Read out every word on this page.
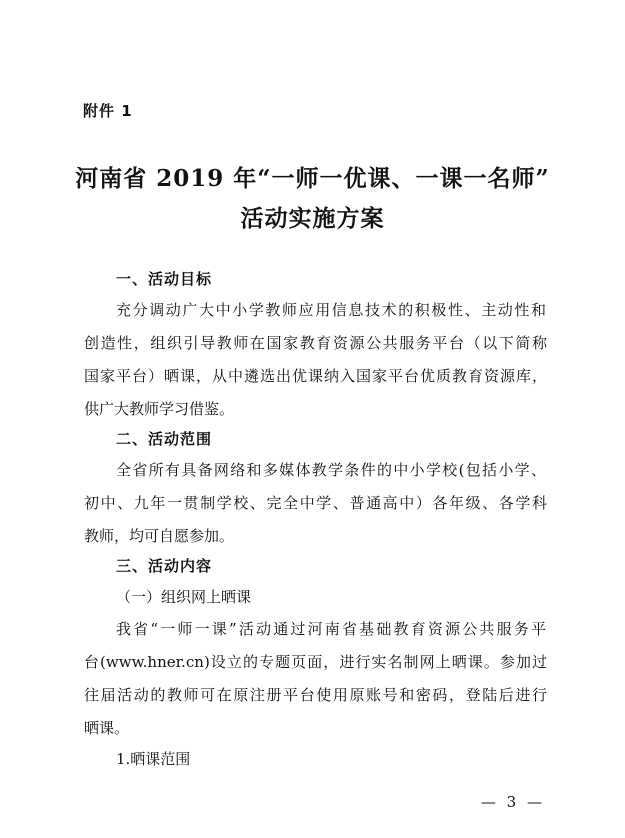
附件 1
河南省 2019 年“一师一优课、一课一名师”
活动实施方案
一、活动目标
充分调动广大中小学教师应用信息技术的积极性、主动性和
创造性，组织引导教师在国家教育资源公共服务平台（以下简称
国家平台）晒课，从中遴选出优课纳入国家平台优质教育资源库，
供广大教师学习借鉴。
二、活动范围
全省所有具备网络和多媒体教学条件的中小学校(包括小学、
初中、九年一贯制学校、完全中学、普通高中）各年级、各学科
教师，均可自愿参加。
三、活动内容
（一）组织网上晒课
我省“一师一课”活动通过河南省基础教育资源公共服务平
台(www.hner.cn)设立的专题页面，进行实名制网上晒课。参加过
往届活动的教师可在原注册平台使用原账号和密码，登陆后进行
晒课。
1.晒课范围
— 3 —
